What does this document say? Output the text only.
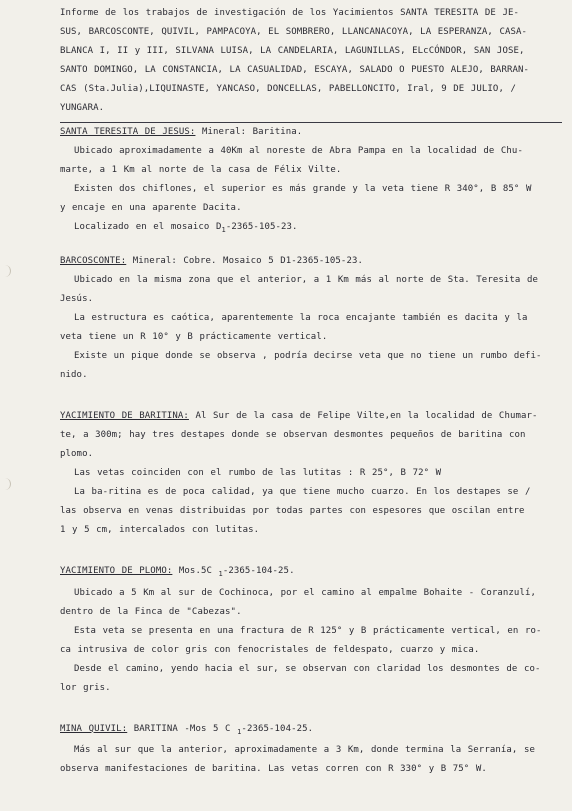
Informe de los trabajos de investigación de los Yacimientos SANTA TERESITA DE JE-

SUS, BARCOSCONTE, QUIVIL, PAMPACOYA, EL SOMBRERO, LLANCANACOYA, LA ESPERANZA, CASA-

BLANCA I, II y III, SILVANA LUISA, LA CANDELARIA, LAGUNILLAS, ELcCÓNDOR, SAN JOSE,

SANTO DOMINGO, LA CONSTANCIA, LA CASUALIDAD, ESCAYA, SALADO O PUESTO ALEJO, BARRAN-

CAS (Sta.Julia),LIQUINASTE, YANCASO, DONCELLAS, PABELLONCITO, Iral, 9 DE JULIO, /

YUNGARA.

SANTA TERESITA DE JESUS: Mineral: Baritina.

Ubicado aproximadamente a 40Km al noreste de Abra Pampa en la localidad de Chu-

marte, a 1 Km al norte de la casa de Félix Vilte.

Existen dos chiflones, el superior es más grande y la veta tiene R 340°, B 85° W

y encaje en una aparente Dacita.

Localizado en el mosaico $D_1-2365-105-23$.

BARCOSCONTE: Mineral: Cobre. Mosaico 5 D1-2365-105-23.

Ubicado en la misma zona que el anterior, a 1 Km más al norte de Sta. Teresita de

Jesús.

La estructura es caótica, aparentemente la roca encajante también es dacita y la

veta tiene un R 10° y B prácticamente vertical.

Existe un pique donde se observa , podría decirse veta que no tiene un rumbo defi-

nido.

YACIMIENTO DE BARITINA: Al Sur de la casa de Felipe Vilte,en la localidad de Chumar-

te, a 300m; hay tres destapes donde se observan desmontes pequeños de baritina con

plomo.

Las vetas coinciden con el rumbo de las lutitas : R 25°, B 72° W

La ba-ritina es de poca calidad, ya que tiene mucho cuarzo. En los destapes se /

las observa en venas distribuidas por todas partes con espesores que oscilan entre

1 y 5 cm, intercalados con lutitas.

YACIMIENTO DE PLOMO: Mos.5C $_1$-2365-104-25.

Ubicado a 5 Km al sur de Cochinoca, por el camino al empalme Bohaite - Coranzulí,

dentro de la Finca de "Cabezas".

Esta veta se presenta en una fractura de R 125° y B prácticamente vertical, en ro-

ca intrusiva de color gris con fenocristales de feldespato, cuarzo y mica.

Desde el camino, yendo hacia el sur, se observan con claridad los desmontes de co-

lor gris.

MINA QUIVIL: BARITINA -Mos 5 C $_1$-2365-104-25.

Más al sur que la anterior, aproximadamente a 3 Km, donde termina la Serranía, se

observa manifestaciones de baritina. Las vetas corren con R 330° y B 75° W.
